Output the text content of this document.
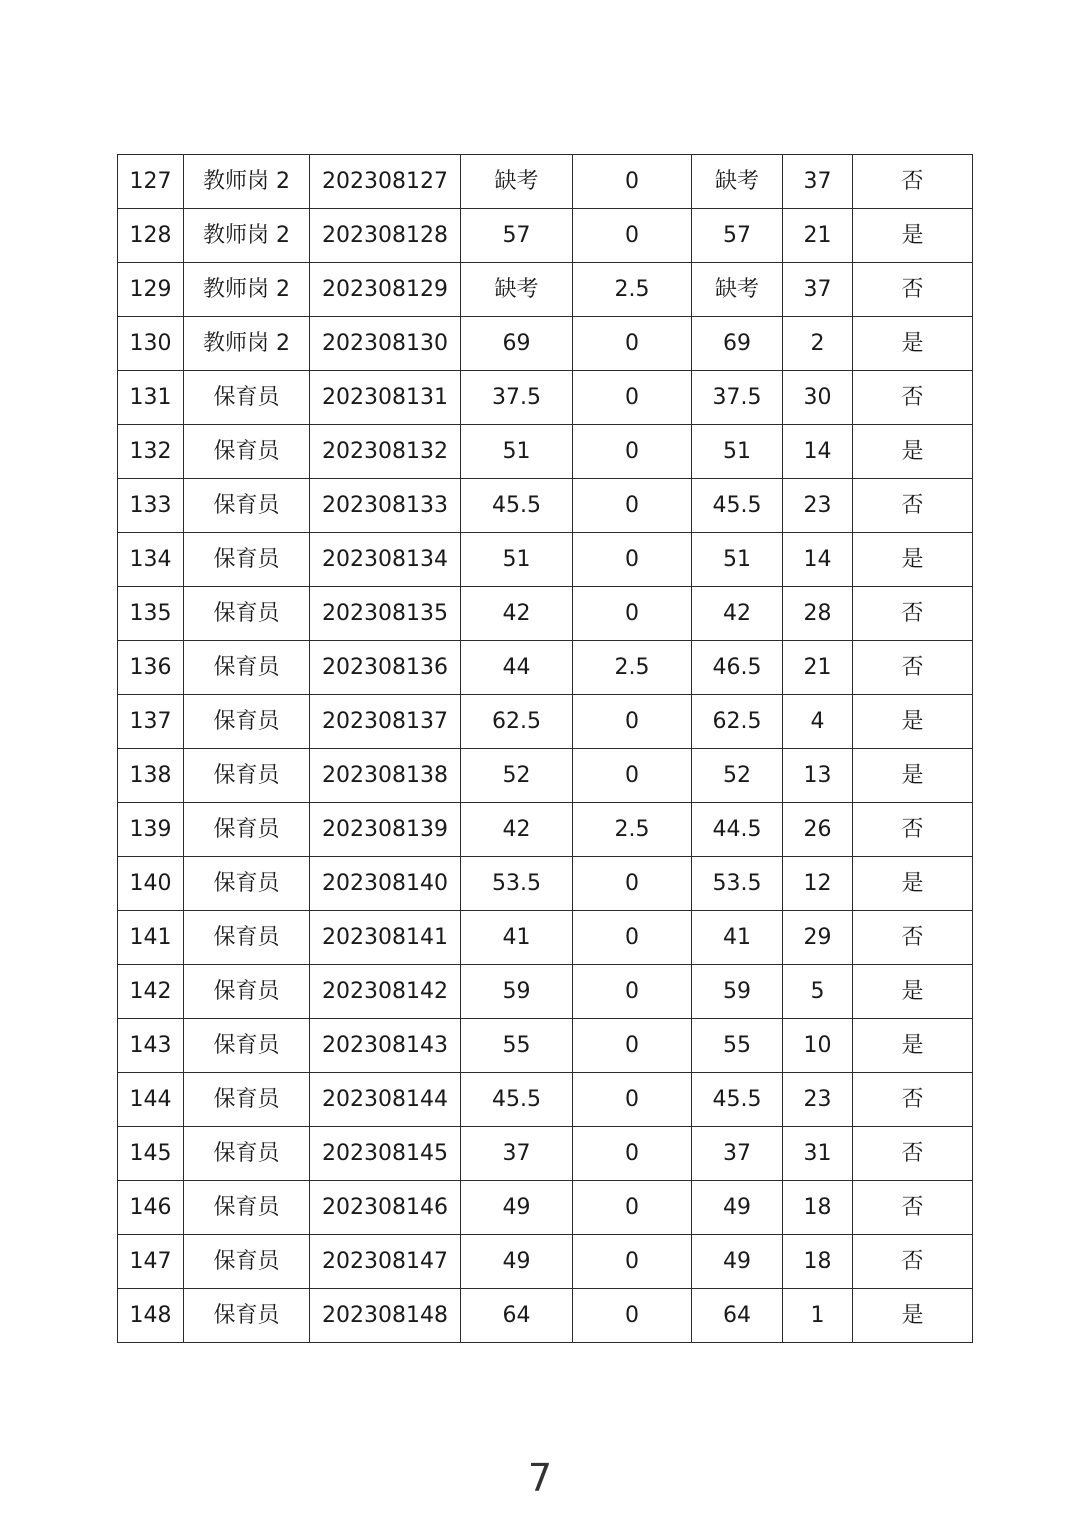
127	教师岗 2	202308127	缺考	0	缺考	37	否
128	教师岗 2	202308128	57	0	57	21	是
129	教师岗 2	202308129	缺考	2.5	缺考	37	否
130	教师岗 2	202308130	69	0	69	2	是
131	保育员	202308131	37.5	0	37.5	30	否
132	保育员	202308132	51	0	51	14	是
133	保育员	202308133	45.5	0	45.5	23	否
134	保育员	202308134	51	0	51	14	是
135	保育员	202308135	42	0	42	28	否
136	保育员	202308136	44	2.5	46.5	21	否
137	保育员	202308137	62.5	0	62.5	4	是
138	保育员	202308138	52	0	52	13	是
139	保育员	202308139	42	2.5	44.5	26	否
140	保育员	202308140	53.5	0	53.5	12	是
141	保育员	202308141	41	0	41	29	否
142	保育员	202308142	59	0	59	5	是
143	保育员	202308143	55	0	55	10	是
144	保育员	202308144	45.5	0	45.5	23	否
145	保育员	202308145	37	0	37	31	否
146	保育员	202308146	49	0	49	18	否
147	保育员	202308147	49	0	49	18	否
148	保育员	202308148	64	0	64	1	是
7
